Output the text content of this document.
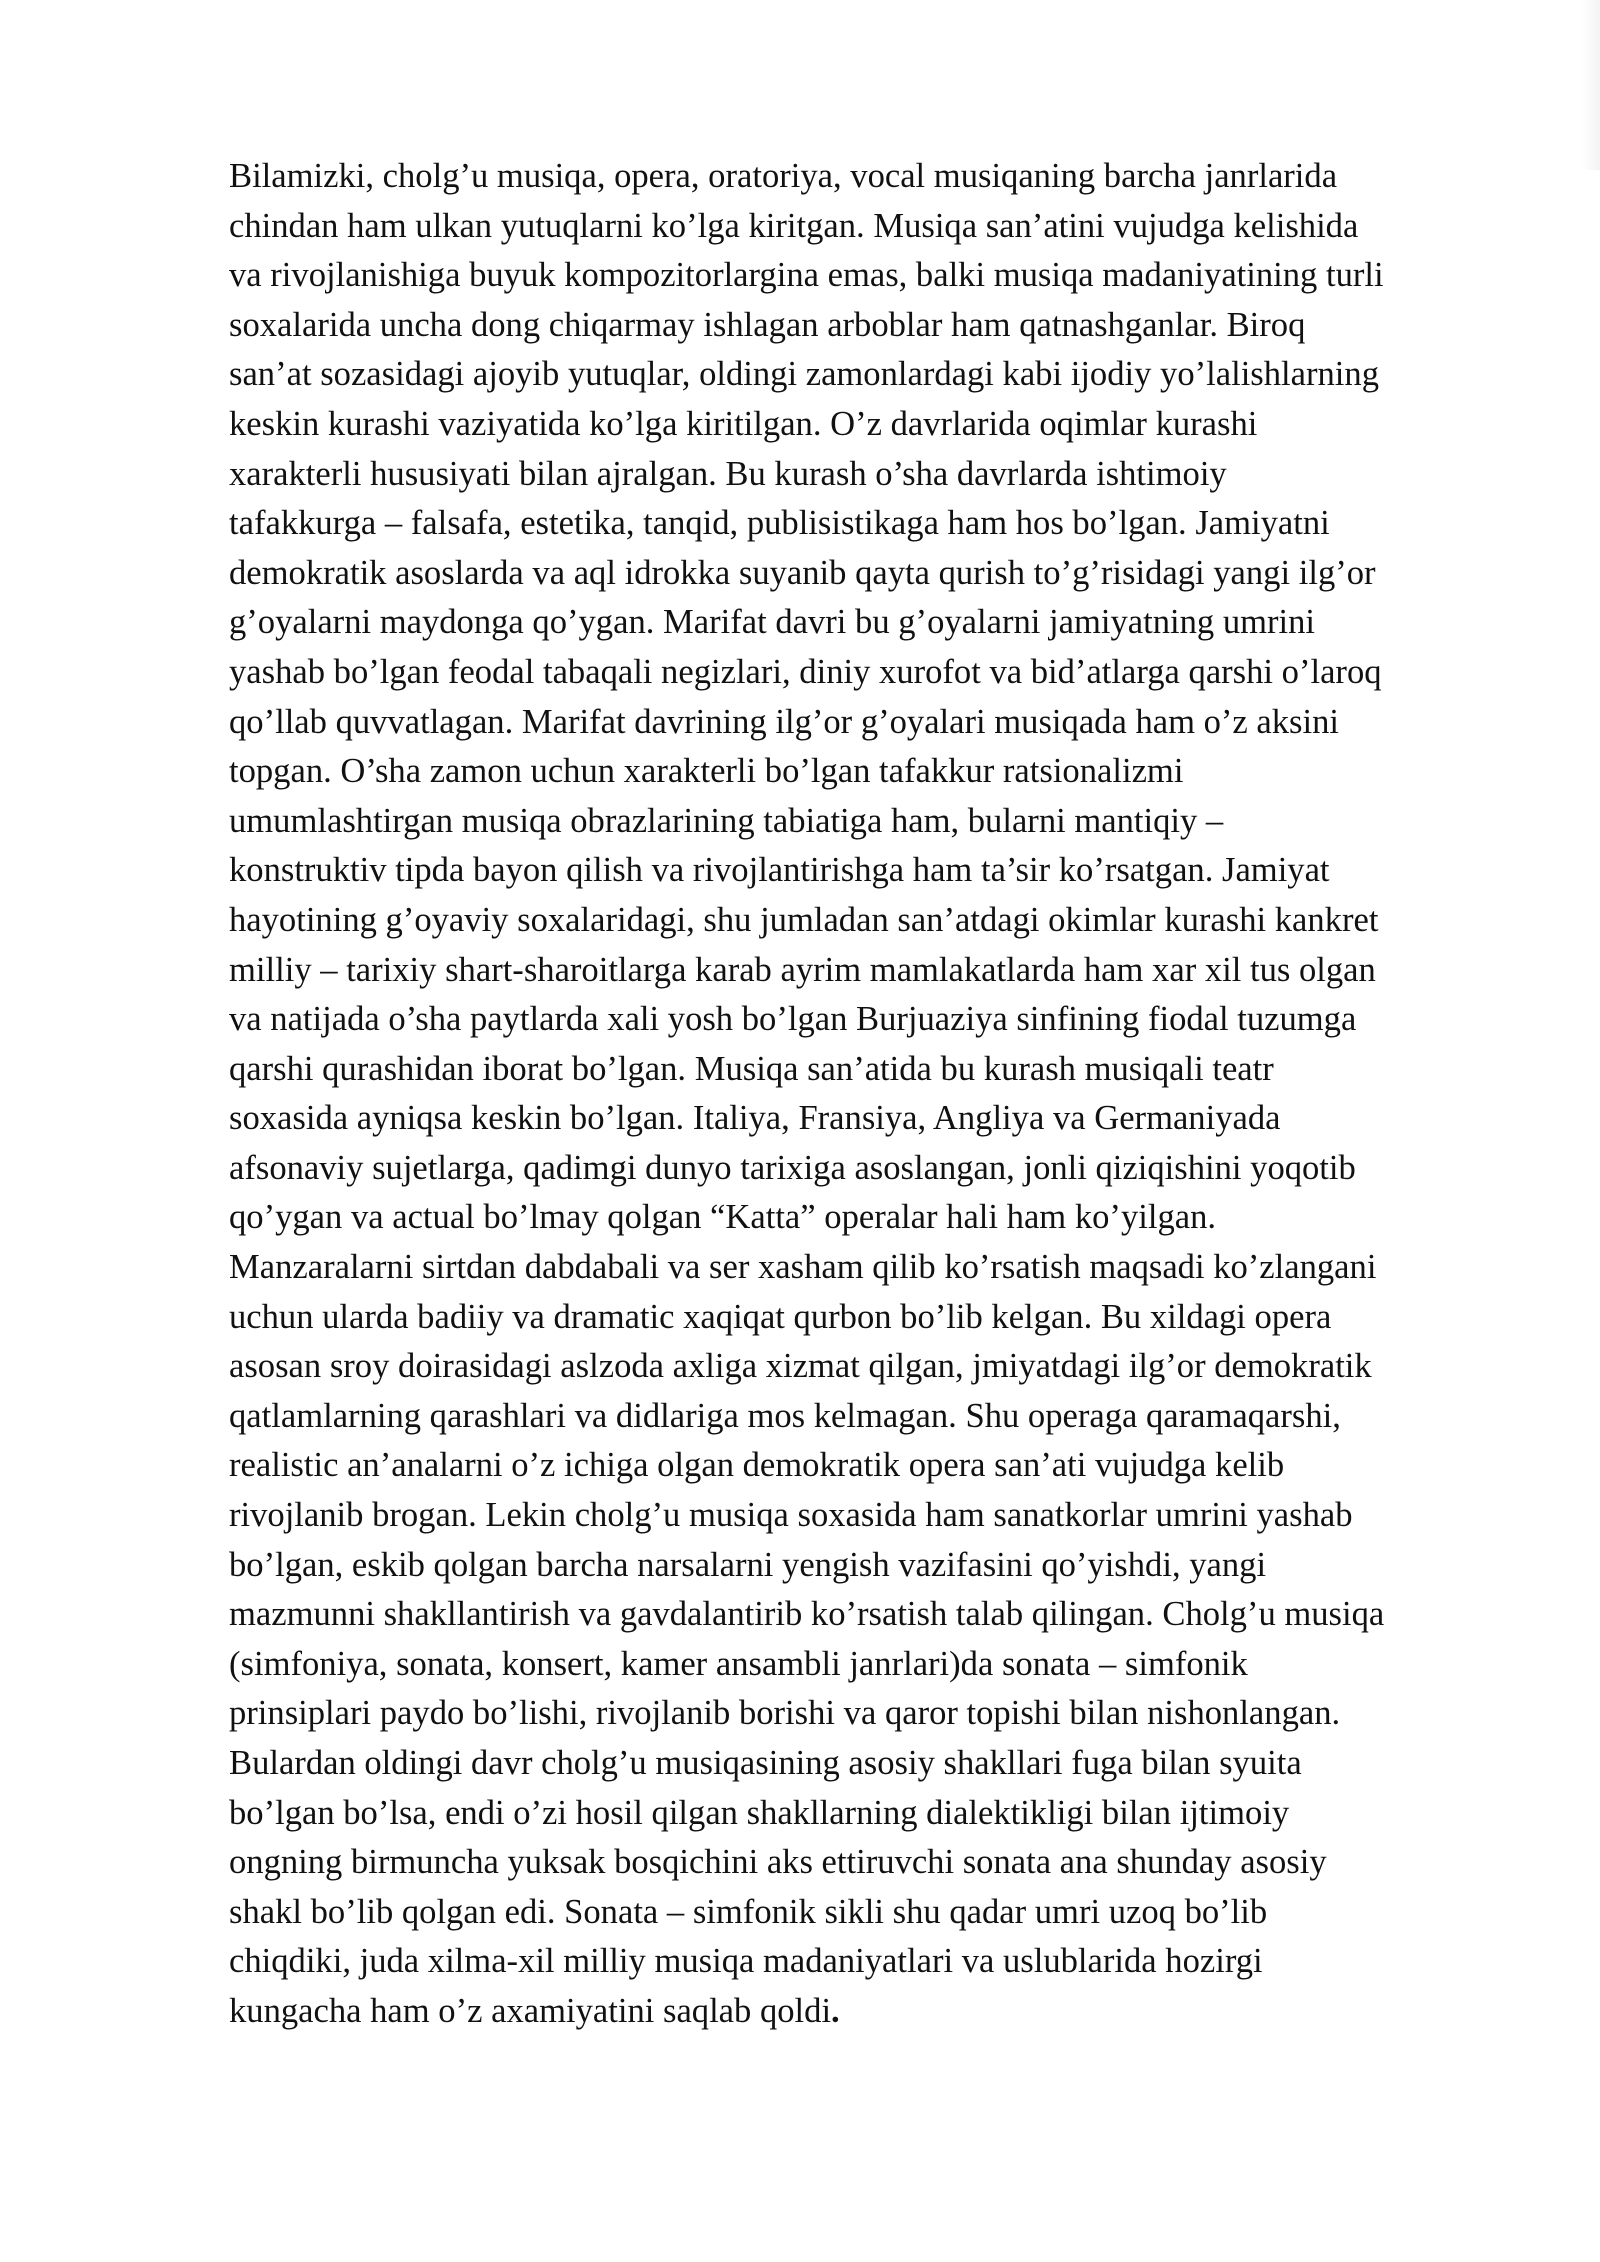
Bilamizki, cholg’u musiqa, opera, oratoriya, vocal musiqaning barcha janrlarida
chindan ham ulkan yutuqlarni ko’lga kiritgan. Musiqa san’atini vujudga kelishida
va rivojlanishiga buyuk kompozitorlargina emas, balki musiqa madaniyatining turli
soxalarida uncha dong chiqarmay ishlagan arboblar ham qatnashganlar. Biroq
san’at sozasidagi ajoyib yutuqlar, oldingi zamonlardagi kabi ijodiy yo’lalishlarning
keskin kurashi vaziyatida ko’lga kiritilgan. O’z davrlarida oqimlar kurashi
xarakterli hususiyati bilan ajralgan. Bu kurash o’sha davrlarda ishtimoiy
tafakkurga – falsafa, estetika, tanqid, publisistikaga ham hos bo’lgan. Jamiyatni
demokratik asoslarda va aql idrokka suyanib qayta qurish to’g’risidagi yangi ilg’or
g’oyalarni maydonga qo’ygan. Marifat davri bu g’oyalarni jamiyatning umrini
yashab bo’lgan feodal tabaqali negizlari, diniy xurofot va bid’atlarga qarshi o’laroq
qo’llab quvvatlagan. Marifat davrining ilg’or g’oyalari musiqada ham o’z aksini
topgan. O’sha zamon uchun xarakterli bo’lgan tafakkur ratsionalizmi
umumlashtirgan musiqa obrazlarining tabiatiga ham, bularni mantiqiy –
konstruktiv tipda bayon qilish va rivojlantirishga ham ta’sir ko’rsatgan. Jamiyat
hayotining g’oyaviy soxalaridagi, shu jumladan san’atdagi okimlar kurashi kankret
milliy – tarixiy shart-sharoitlarga karab ayrim mamlakatlarda ham xar xil tus olgan
va natijada o’sha paytlarda xali yosh bo’lgan Burjuaziya sinfining fiodal tuzumga
qarshi qurashidan iborat bo’lgan. Musiqa san’atida bu kurash musiqali teatr
soxasida ayniqsa keskin bo’lgan. Italiya, Fransiya, Angliya va Germaniyada
afsonaviy sujetlarga, qadimgi dunyo tarixiga asoslangan, jonli qiziqishini yoqotib
qo’ygan va actual bo’lmay qolgan “Katta” operalar hali ham ko’yilgan.
Manzaralarni sirtdan dabdabali va ser xasham qilib ko’rsatish maqsadi ko’zlangani
uchun ularda badiiy va dramatic xaqiqat qurbon bo’lib kelgan. Bu xildagi opera
asosan sroy doirasidagi aslzoda axliga xizmat qilgan, jmiyatdagi ilg’or demokratik
qatlamlarning qarashlari va didlariga mos kelmagan. Shu operaga qaramaqarshi,
realistic an’analarni o’z ichiga olgan demokratik opera san’ati vujudga kelib
rivojlanib brogan. Lekin cholg’u musiqa soxasida ham sanatkorlar umrini yashab
bo’lgan, eskib qolgan barcha narsalarni yengish vazifasini qo’yishdi, yangi
mazmunni shakllantirish va gavdalantirib ko’rsatish talab qilingan. Cholg’u musiqa
(simfoniya, sonata, konsert, kamer ansambli janrlari)da sonata – simfonik
prinsiplari paydo bo’lishi, rivojlanib borishi va qaror topishi bilan nishonlangan.
Bulardan oldingi davr cholg’u musiqasining asosiy shakllari fuga bilan syuita
bo’lgan bo’lsa, endi o’zi hosil qilgan shakllarning dialektikligi bilan ijtimoiy
ongning birmuncha yuksak bosqichini aks ettiruvchi sonata ana shunday asosiy
shakl bo’lib qolgan edi. Sonata – simfonik sikli shu qadar umri uzoq bo’lib
chiqdiki, juda xilma-xil milliy musiqa madaniyatlari va uslublarida hozirgi
kungacha ham o’z axamiyatini saqlab qoldi.
